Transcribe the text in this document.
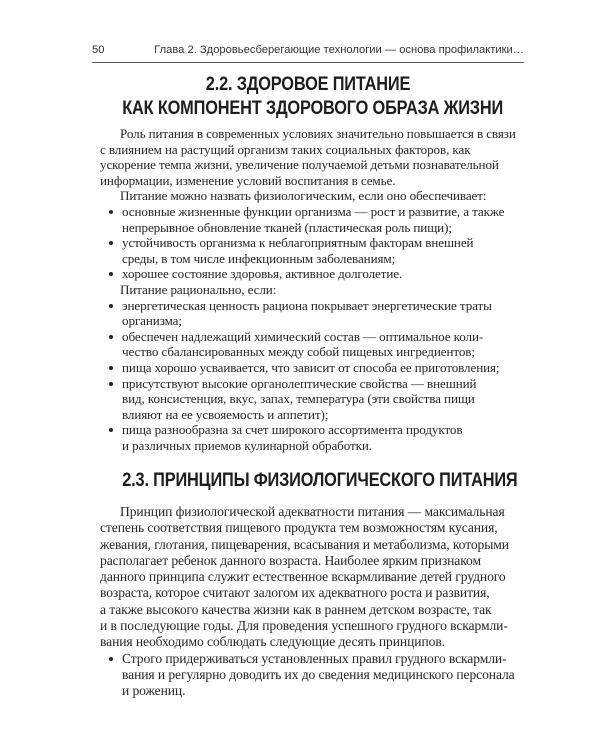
50	Глава 2. Здоровьесберегающие технологии — основа профилактики…
2.2. ЗДОРОВОЕ ПИТАНИЕ
КАК КОМПОНЕНТ ЗДОРОВОГО ОБРАЗА ЖИЗНИ
Роль питания в современных условиях значительно повышается в связи
с влиянием на растущий организм таких социальных факторов, как
ускорение темпа жизни, увеличение получаемой детьми познавательной
информации, изменение условий воспитания в семье.
Питание можно назвать физиологическим, если оно обеспечивает:
основные жизненные функции организма — рост и развитие, а также
непрерывное обновление тканей (пластическая роль пищи);
устойчивость организма к неблагоприятным факторам внешней
среды, в том числе инфекционным заболеваниям;
хорошее состояние здоровья, активное долголетие.
Питание рационально, если:
энергетическая ценность рациона покрывает энергетические траты
организма;
обеспечен надлежащий химический состав — оптимальное коли-
чество сбалансированных между собой пищевых ингредиентов;
пища хорошо усваивается, что зависит от способа ее приготовления;
присутствуют высокие органолептические свойства — внешний
вид, консистенция, вкус, запах, температура (эти свойства пищи
влияют на ее усвояемость и аппетит);
пища разнообразна за счет широкого ассортимента продуктов
и различных приемов кулинарной обработки.
2.3. ПРИНЦИПЫ ФИЗИОЛОГИЧЕСКОГО ПИТАНИЯ
Принцип физиологической адекватности питания — максимальная
степень соответствия пищевого продукта тем возможностям кусания,
жевания, глотания, пищеварения, всасывания и метаболизма, которыми
располагает ребенок данного возраста. Наиболее ярким признаком
данного принципа служит естественное вскармливание детей грудного
возраста, которое считают залогом их адекватного роста и развития,
а также высокого качества жизни как в раннем детском возрасте, так
и в последующие годы. Для проведения успешного грудного вскармли-
вания необходимо соблюдать следующие десять принципов.
Строго придерживаться установленных правил грудного вскармли-
вания и регулярно доводить их до сведения медицинского персонала
и рожениц.
